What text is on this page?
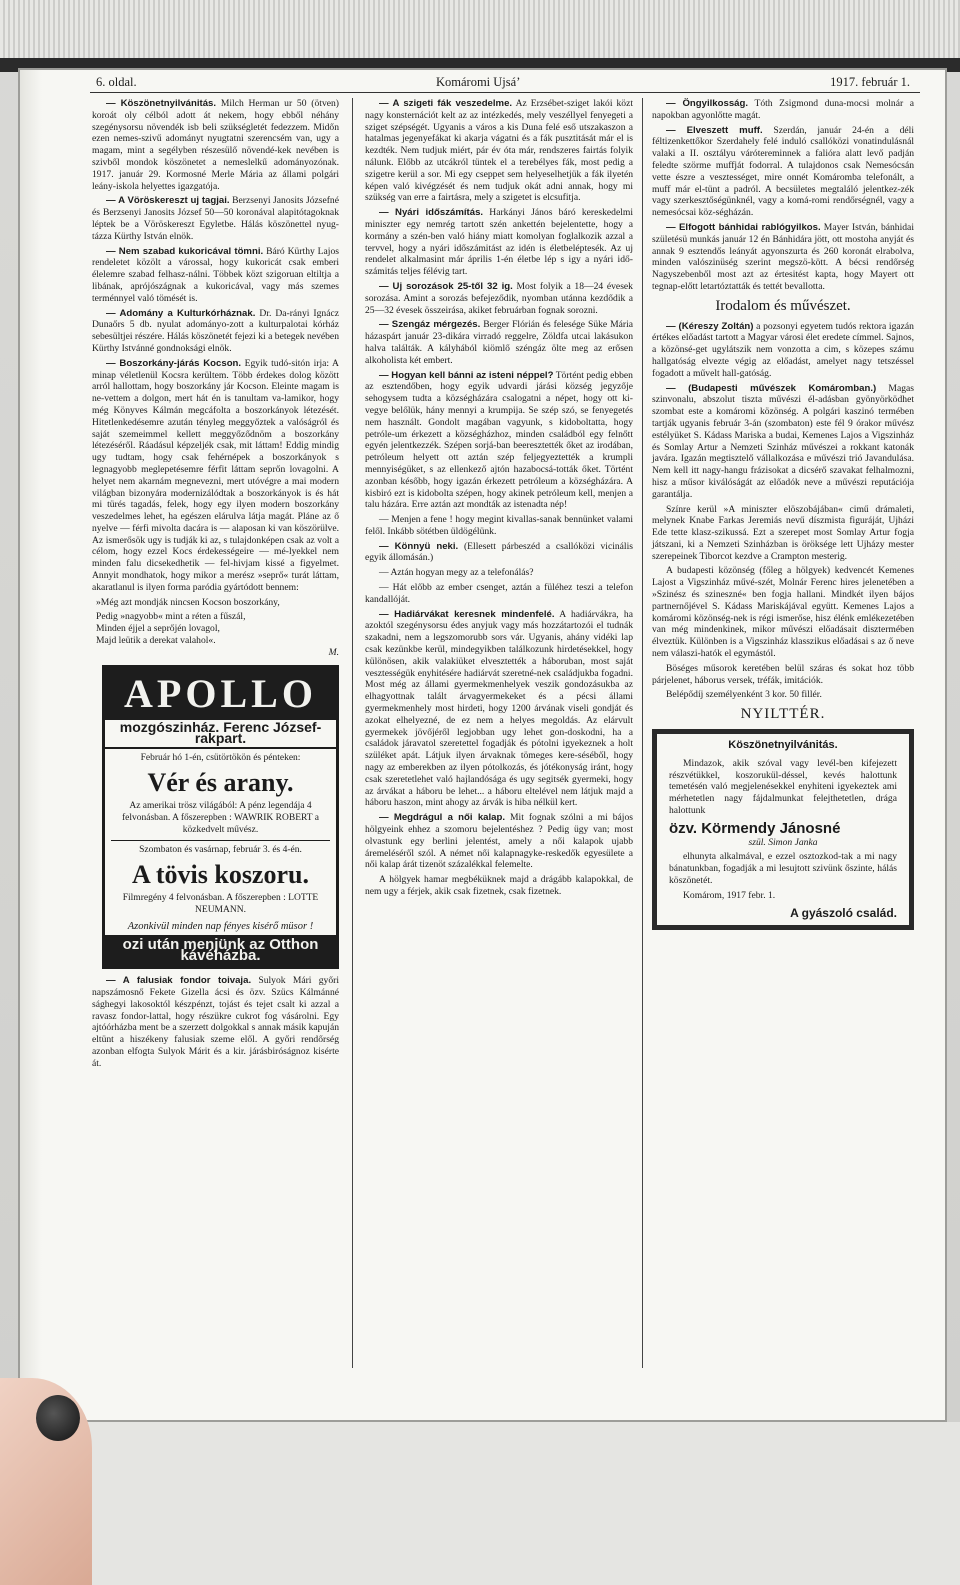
6. oldal.	Komáromi Ujsá’	1917. február 1.

— Köszönetnyilvánitás. Milch Herman ur 50 (ötven) koroát oly célból adott át nekem, hogy ebből néhány szegénysorsu növendék isb beli szükségletét fedezzem. Midőn ezen nemes-szivű adományt nyugtatni szerencsém van, ugy a magam, mint a segélyben részesülő növendé-kek nevében is szivből mondok köszönetet a nemeslelkű adományozónak. 1917. január 29. Kormosné Merle Mária az állami polgári leány-iskola helyettes igazgatója.

— A Vöröskereszt uj tagjai. Berzsenyi Janosits Józsefné és Berzsenyi Janosits József 50—50 koronával alapitótagoknak léptek be a Vöröskereszt Egyletbe. Hálás köszönettel nyug-tázza Kürthy István elnök.

— Nem szabad kukoricával tömni. Báró Kürthy Lajos rendeletet közölt a várossal, hogy kukoricát csak emberi élelemre szabad felhasz-nálni. Többek közt szigoruan eltiltja a libának, aprójószágnak a kukoricával, vagy más szemes terménnyel való tömését is.

— Adomány a Kulturkórháznak. Dr. Da-rányi Ignácz Dunaőrs 5 db. nyulat adományo-zott a kulturpalotai kórház sebesültjei részére. Hálás köszönetét fejezi ki a betegek nevében Kürthy Istvánné gondnoksági elnök.

— Boszorkány-járás Kocson. Egyik tudó-sitón irja: A minap véletlenül Kocsra kerültem. Több érdekes dolog között arról hallottam, hogy boszorkány jár Kocson. Eleinte magam is ne-vettem a dolgon, mert hát én is tanultam va-lamikor, hogy még Könyves Kálmán megcáfolta a boszorkányok létezését. Hitetlenkedésemre azután tényleg meggyőztek a valóságról és saját szemeimmel kellett meggyőződnöm a boszorkány létezéséről. Ráadásul képzeljék csak, mit láttam! Eddig mindig ugy tudtam, hogy csak fehérnépek a boszorkányok s legnagyobb meglepetésemre férfit láttam seprőn lovagolni. A helyet nem akarnám megnevezni, mert utóvégre a mai modern világban bizonyára modernizálódtak a boszorkányok is és hát mi türés tagadás, felek, hogy egy ilyen modern boszorkány veszedelmes lehet, ha egészen elárulva látja magát. Pláne az ő nyelve — férfi mivolta dacára is — alaposan ki van köszörülve. Az ismerősök ugy is tudják ki az, s tulajdonképen csak az volt a célom, hogy ezzel Kocs érdekességeire — mé-lyekkel nem minden falu dicsekedhetik — fel-hivjam kissé a figyelmet. Annyit mondhatok, hogy mikor a merész »seprő« turát láttam, akaratlanul is ilyen forma paródia gyártódott bennem:

»Még azt mondják nincsen Kocson boszorkány,

Pedig »nagyobb« mint a réten a fűszál,

Minden éjjel a seprőjén lovagol,

Majd leütik a derekat valahol«.

M.

APOLLO
mozgószinház. Ferenc József-rakpart.
Február hó 1-én, csütörtökön és pénteken:
Vér és arany.
Az amerikai trösz világából: A pénz legendája 4 felvonásban. A főszerepben : WAWRIK ROBERT a közkedvelt művész.
Szombaton és vasárnap, február 3. és 4-én.
A tövis koszoru.
Filmregény 4 felvonásban. A főszerepben : LOTTE NEUMANN.
Azonkivül minden nap fényes kisérő müsor !
ozi után menjünk az Otthon kávéházba.

— A falusiak fondor toivaja. Sulyok Mári győri napszámosnő Fekete Gizella ácsi és özv. Szücs Kálmánné sághegyi lakosoktól készpénzt, tojást és tejet csalt ki azzal a ravasz fondor-lattal, hogy részükre cukrot fog vásárolni. Egy ajtóórházba ment be a szerzett dolgokkal s annak másik kapuján eltünt a hiszékeny falusiak szeme elől. A győri rendőrség azonban elfogta Sulyok Márit és a kir. járásbiróságnoz kisérte át.

— A szigeti fák veszedelme. Az Erzsébet-sziget lakói közt nagy konsternációt kelt az az intézkedés, mely veszéllyel fenyegeti a sziget szépségét. Ugyanis a város a kis Duna felé eső utszakaszon a hatalmas jegenyefákat ki akarja vágatni és a fák pusztitását már el is kezdték. Nem tudjuk miért, pár év óta már, rendszeres fairtás folyik nálunk. Előbb az utcákról tüntek el a terebélyes fák, most pedig a szigetre kerül a sor. Mi egy cseppet sem helyeselhetjük a fák ilyetén képen való kivégzését és nem tudjuk okát adni annak, hogy mi szükség van erre a fairtásra, mely a szigetet is elcsufitja.

— Nyári időszámítás. Harkányi János báró kereskedelmi miniszter egy nemrég tartott szén ankettén bejelentette, hogy a kormány a szén-ben való hiány miatt komolyan foglalkozik azzal a tervvel, hogy a nyári időszámitást az idén is életbeléptesék. Az uj rendelet alkalmasint már április 1-én életbe lép s igy a nyári idő-számitás teljes félévig tart.

— Uj sorozások 25-től 32 ig. Most folyik a 18—24 évesek sorozása. Amint a sorozás befejeződik, nyomban utánna kezdődik a 25—32 évesek összeirása, akiket februárban fognak sorozni.

— Szengáz mérgezés. Berger Flórián és felesége Süke Mária házaspárt január 23-dikára virradó reggelre, Zöldfa utcai lakásukon halva találták. A kályhából kiömlő széngáz ölte meg az erősen alkoholista két embert.

— Hogyan kell bánni az isteni néppel? Történt pedig ebben az esztendőben, hogy egyik udvardi járási község jegyzője sehogysem tudta a községházára csalogatni a népet, hogy ott ki-vegye belőlük, hány mennyi a krumpija. Se szép szó, se fenyegetés nem használt. Gondolt magában vagyunk, s kidoboltatta, hogy petróle-um érkezett a községházhoz, minden családból egy felnőtt egyén jelentkezzék. Szépen sorjá-ban beeresztették őket az irodában, petróleum helyett ott aztán szép feljegyeztették a krumpli mennyiségüket, s az ellenkező ajtón hazabocsá-tották őket. Történt azonban később, hogy igazán érkezett petróleum a községházára. A kisbiró ezt is kidobolta szépen, hogy akinek petróleum kell, menjen a talu házára. Erre aztán azt mondták az istenadta nép!

— Menjen a fene ! hogy megint kivallas-sanak bennünket valami felől. Inkább sötétben üldögélünk.

— Könnyü neki. (Ellesett párbeszéd a csallóközi vicinális egyik állomásán.)

— Aztán hogyan megy az a telefonálás?

— Hát előbb az ember csenget, aztán a füléhez teszi a telefon kandallóját.

— Hadiárvákat keresnek mindenfelé. A hadiárvákra, ha azoktól szegénysorsu édes anyjuk vagy más hozzátartozói el tudnák szakadni, nem a legszomorubb sors vár. Ugyanis, ahány vidéki lap csak kezünkbe kerül, mindegyikben találkozunk hirdetésekkel, hogy különösen, akik valakiüket elvesztették a háboruban, most saját vesztességük enyhitésére hadiárvát szeretné-nek családjukba fogadni. Most még az állami gyermekmenhelyek veszik gondozásukba az elhagyottnak talált árvagyermekeket és a pécsi állami gyermekmenhely most hirdeti, hogy 1200 árvának viseli gondját és azokat elhelyezné, de ez nem a helyes megoldás. Az elárvult gyermekek jövőjéről legjobban ugy lehet gon-doskodni, ha a családok járavatol szeretettel fogadják és pótolni igyekeznek a holt szüléket apát. Látjuk ilyen árvaknak tömeges kere-séséből, hogy nagy az emberekben az ilyen pótolkozás, és jótékonyság iránt, hogy csak szeretetlehet való hajlandósága és ugy segitsék gyermeki, hogy az árvákat a háboru be lehet... a háboru eltelével nem látjuk majd a háboru haszon, mint ahogy az árvák is hiba nélkül kert.

— Megdrágul a női kalap. Mit fognak szólni a mi bájos hölgyeink ehhez a szomoru bejelentéshez ? Pedig ügy van; most olvastunk egy berlini jelentést, amely a női kalapok ujabb áremeléséről szól. A német női kalapnagyke-reskedők egyesülete a női kalap árát tizenöt százalékkal felemelte.

A hölgyek hamar megbéküknek majd a drágább kalapokkal, de nem ugy a férjek, akik csak fizetnek, csak fizetnek.

— Öngyilkosság. Tóth Zsigmond duna-mocsi molnár a napokban agyonlőtte magát.

— Elveszett muff. Szerdán, január 24-én a déli féltizenkettőkor Szerdahely felé induló csallóközi vonatindulásnál valaki a II. osztályu várótereminnek a falióra alatt levő padján feledte szörme muffját fodorral. A tulajdonos csak Nemesócsán vette észre a vesztességet, mire onnét Komáromba telefonált, a muff már el-tünt a padról. A becsületes megtaláló jelentkez-zék vagy szerkesztőségünknél, vagy a komá-romi rendőrségnél, vagy a nemesócsai köz-ségházán.

— Elfogott bánhidai rablógyilkos. Mayer István, bánhidai születésü munkás január 12 én Bánhidára jött, ott mostoha anyját és annak 9 esztendős leányát agyonszurta és 260 koronát elrabolva, minden valószinüség szerint megszö-kött. A bécsi rendőrség Nagyszebenből most azt az értesitést kapta, hogy Mayert ott tegnap-előtt letartóztatták és tettét bevallotta.

Irodalom és művészet.

— (Kéreszy Zoltán) a pozsonyi egyetem tudós rektora igazán értékes előadást tartott a Magyar városi élet eredete címmel. Sajnos, a közönsé-get ugylátszik nem vonzotta a cim, s közepes számu hallgatóság elvezte végig az előadást, amelyet nagy tetszéssel fogadott a művelt hall-gatóság.

— (Budapesti művészek Komáromban.) Magas szinvonalu, abszolut tiszta művészi él-adásban gyönyörködhet szombat este a komáromi közönség. A polgári kaszinó termében tartják ugyanis február 3-án (szombaton) este fél 9 órakor művész estélyüket S. Kádass Mariska a budai, Kemenes Lajos a Vigszinház és Somlay Artur a Nemzeti Szinház művészei a rokkant katonák javára. Igazán megtisztelő vállalkozása e művészi trió Javandulása. Nem kell itt nagy-hangu frázisokat a dicsérő szavakat felhalmozni, hisz a műsor kiválóságát az előadók neve a művészi reputációja garantálja.

Színre kerül »A miniszter elöszobájában« cimű drámaleti, melynek Knabe Farkas Jeremiás nevű díszmista figuráját, Ujházi Ede tette klasz-szikussá. Ezt a szerepet most Somlay Artur fogja játszani, ki a Nemzeti Szinházban is öröksége lett Ujházy mester szerepeinek Tiborcot kezdve a Crampton mesterig.

A budapesti közönség (főleg a hölgyek) kedvencét Kemenes Lajost a Vigszinház művé-szét, Molnár Ferenc hires jelenetében a »Szinész és szineszné« ben fogja hallani. Mindkét ilyen bájos partnernőjével S. Kádass Mariskájával együtt. Kemenes Lajos a komáromi közönség-nek is régi ismerőse, hisz élénk emlékezetében van még mindenkinek, mikor művészi előadásait disztermében élveztük. Különben is a Vigszinház klasszikus előadásai s az ő neve nem válaszi-hatók el egymástól.

Böséges műsorok keretében belül száras és sokat hoz több párjelenet, háborus versek, tréfák, imitációk.

Belépődíj személyenként 3 kor. 50 fillér.

NYILTTÉR.

Köszönetnyilvánitás.

Mindazok, akik szóval vagy levél-ben kifejezett részvétükkel, koszorukül-déssel, kevés halottunk temetésén való megjelenésekkel enyhiteni igyekeztek ami mérhetetlen nagy fájdalmunkat felejthetetlen, drága halottunk

özv. Körmendy Jánosné

szül. Simon Janka

elhunyta alkalmával, e ezzel osztozkod-tak a mi nagy bánatunkban, fogadják a mi lesujtott szivünk őszinte, hálás köszönetét.

Komárom, 1917 febr. 1.

A gyászoló család.
